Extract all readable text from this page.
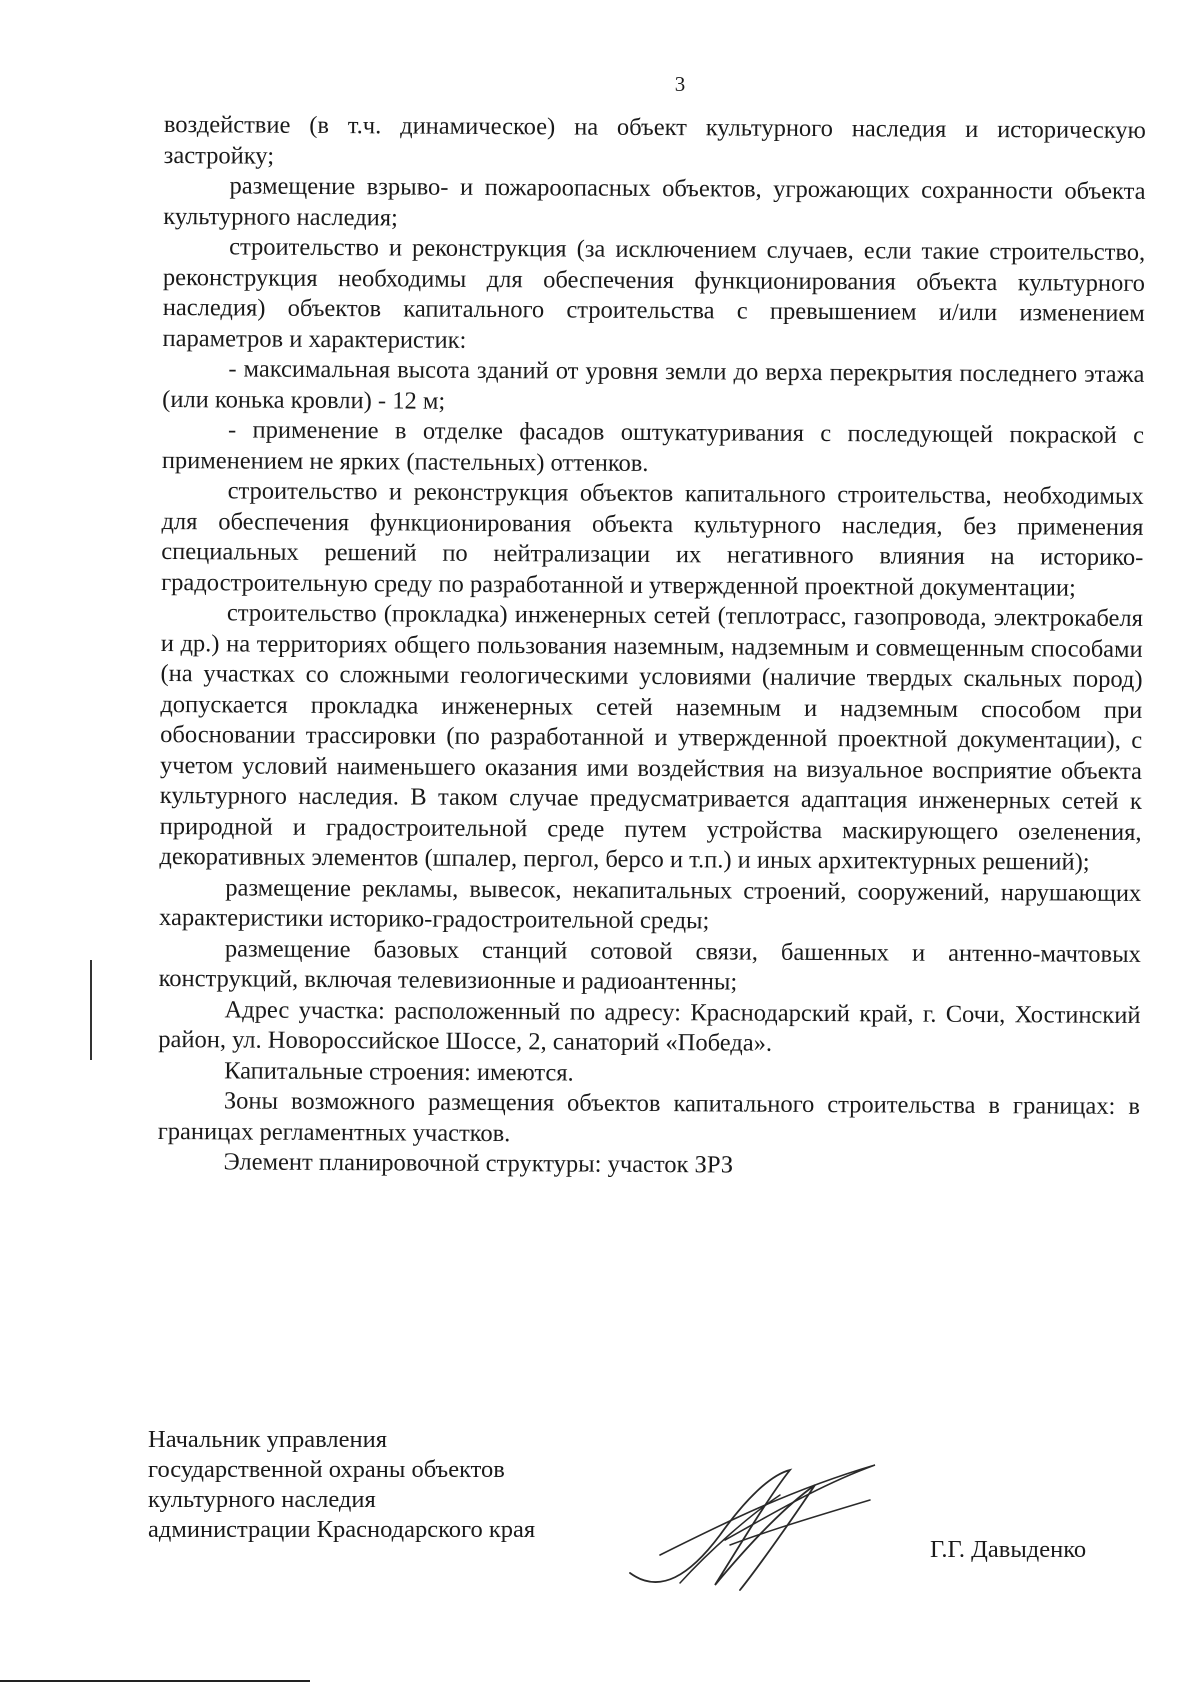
3

воздействие (в т.ч. динамическое) на объект культурного наследия и историческую застройку;

размещение взрыво- и пожароопасных объектов, угрожающих сохранности объекта культурного наследия;

строительство и реконструкция (за исключением случаев, если такие строительство, реконструкция необходимы для обеспечения функционирования объекта культурного наследия) объектов капитального строительства с превышением и/или изменением параметров и характеристик:

- максимальная высота зданий от уровня земли до верха перекрытия последнего этажа (или конька кровли) - 12 м;

- применение в отделке фасадов оштукатуривания с последующей покраской с применением не ярких (пастельных) оттенков.

строительство и реконструкция объектов капитального строительства, необходимых для обеспечения функционирования объекта культурного наследия, без применения специальных решений по нейтрализации их негативного влияния на историко-градостроительную среду по разработанной и утвержденной проектной документации;

строительство (прокладка) инженерных сетей (теплотрасс, газопровода, электрокабеля и др.) на территориях общего пользования наземным, надземным и совмещенным способами (на участках со сложными геологическими условиями (наличие твердых скальных пород) допускается прокладка инженерных сетей наземным и надземным способом при обосновании трассировки (по разработанной и утвержденной проектной документации), с учетом условий наименьшего оказания ими воздействия на визуальное восприятие объекта культурного наследия. В таком случае предусматривается адаптация инженерных сетей к природной и градостроительной среде путем устройства маскирующего озеленения, декоративных элементов (шпалер, пергол, берсо и т.п.) и иных архитектурных решений);

размещение рекламы, вывесок, некапитальных строений, сооружений, нарушающих характеристики историко-градостроительной среды;

размещение базовых станций сотовой связи, башенных и антенно-мачтовых конструкций, включая телевизионные и радиоантенны;

Адрес участка: расположенный по адресу: Краснодарский край, г. Сочи, Хостинский район, ул. Новороссийское Шоссе, 2, санаторий «Победа».

Капитальные строения: имеются.

Зоны возможного размещения объектов капитального строительства в границах: в границах регламентных участков.

Элемент планировочной структуры: участок ЗРЗ

Начальник управления
государственной охраны объектов
культурного наследия
администрации Краснодарского края
Г.Г. Давыденко
